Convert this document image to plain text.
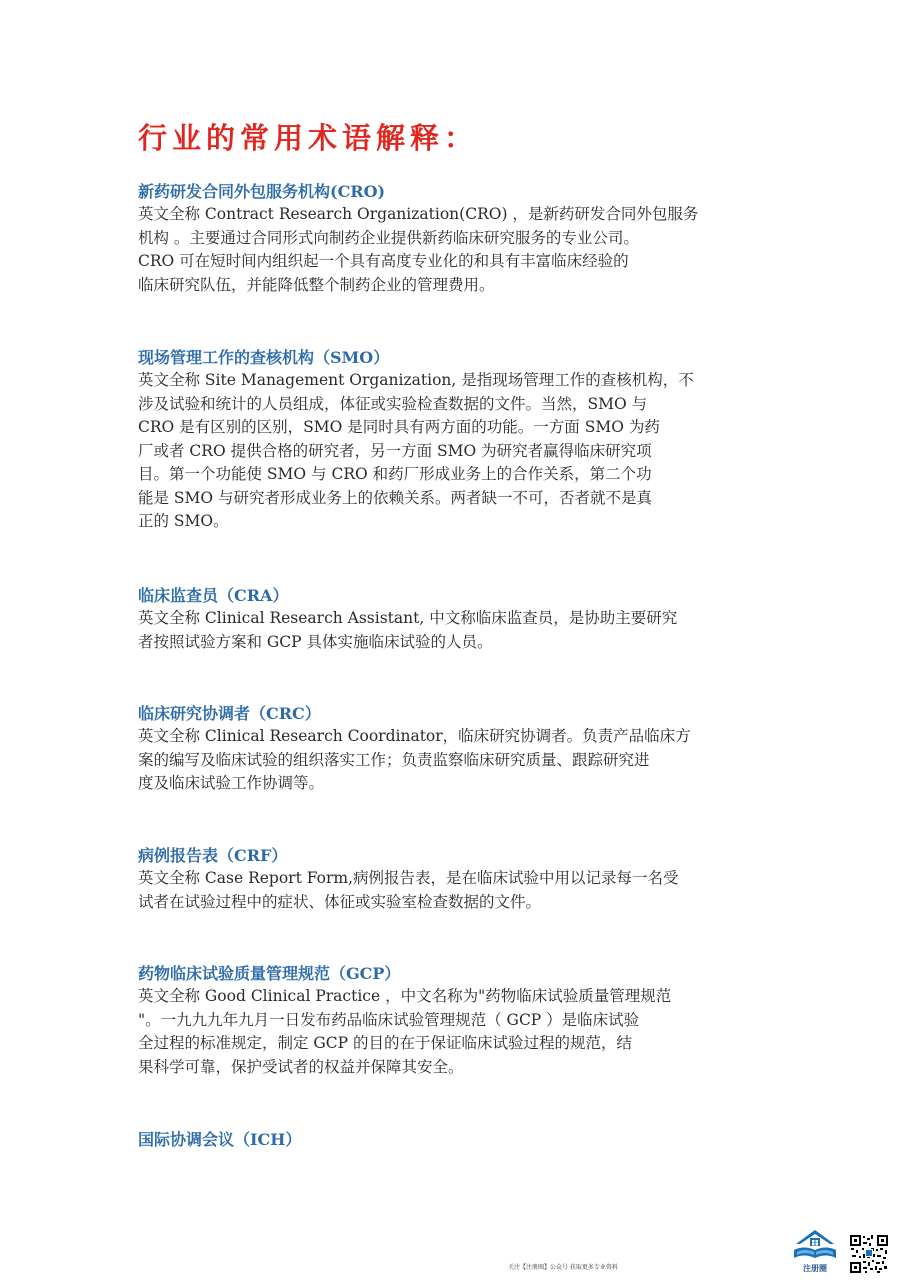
行业的常用术语解释：
新药研发合同外包服务机构(CRO)
英文全称 Contract Research Organization(CRO) ，是新药研发合同外包服务
机构 。主要通过合同形式向制药企业提供新药临床研究服务的专业公司。
CRO 可在短时间内组织起一个具有高度专业化的和具有丰富临床经验的
临床研究队伍，并能降低整个制药企业的管理费用。
现场管理工作的查核机构（SMO）
英文全称 Site Management Organization, 是指现场管理工作的查核机构，不
涉及试验和统计的人员组成，体征或实验检查数据的文件。当然，SMO 与
CRO 是有区别的区别，SMO 是同时具有两方面的功能。一方面 SMO 为药
厂或者 CRO 提供合格的研究者，另一方面 SMO 为研究者赢得临床研究项
目。第一个功能使 SMO 与 CRO 和药厂形成业务上的合作关系，第二个功
能是 SMO 与研究者形成业务上的依赖关系。两者缺一不可，否者就不是真
正的 SMO。
临床监查员（CRA）
英文全称 Clinical Research Assistant, 中文称临床监查员，是协助主要研究
者按照试验方案和 GCP 具体实施临床试验的人员。
临床研究协调者（CRC）
英文全称 Clinical Research Coordinator，临床研究协调者。负责产品临床方
案的编写及临床试验的组织落实工作；负责监察临床研究质量、跟踪研究进
度及临床试验工作协调等。
病例报告表（CRF）
英文全称 Case Report Form,病例报告表，是在临床试验中用以记录每一名受
试者在试验过程中的症状、体征或实验室检查数据的文件。
药物临床试验质量管理规范（GCP）
英文全称 Good Clinical Practice ，中文名称为"药物临床试验质量管理规范
"。一九九九年九月一日发布药品临床试验管理规范（ GCP ）是临床试验
全过程的标准规定，制定 GCP 的目的在于保证临床试验过程的规范，结
果科学可靠，保护受试者的权益并保障其安全。
国际协调会议（ICH）
关注【注册圈】公众号 获取更多专业资料	注册圈
